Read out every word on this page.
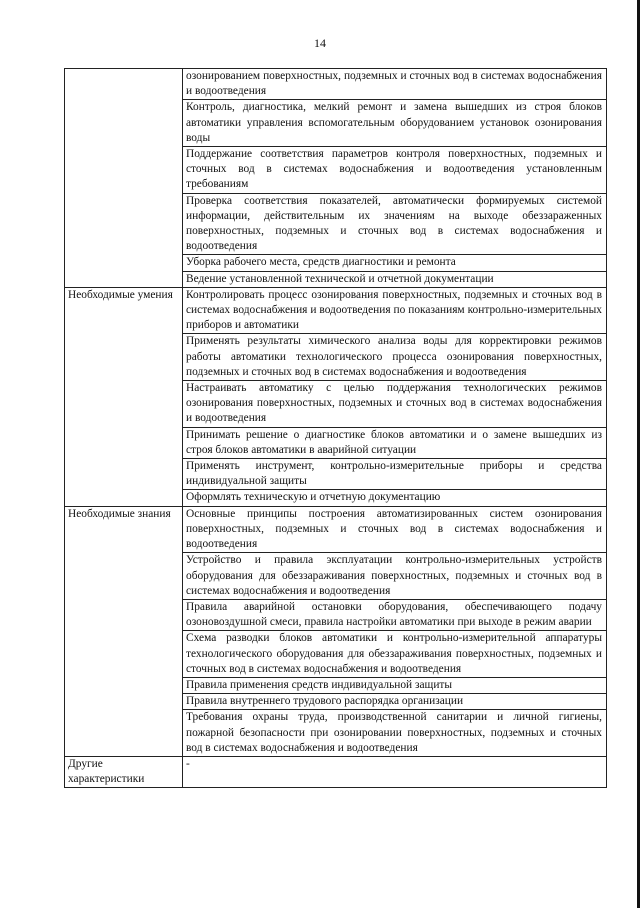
14

	озонированием поверхностных, подземных и сточных вод в системах водоснабжения и водоотведения

	Контроль, диагностика, мелкий ремонт и замена вышедших из строя блоков автоматики управления вспомогательным оборудованием установок озонирования воды

	Поддержание соответствия параметров контроля поверхностных, подземных и сточных вод в системах водоснабжения и водоотведения установленным требованиям

	Проверка соответствия показателей, автоматически формируемых системой информации, действительным их значениям на выходе обеззараженных поверхностных, подземных и сточных вод в системах водоснабжения и водоотведения

	Уборка рабочего места, средств диагностики и ремонта

	Ведение установленной технической и отчетной документации

Необходимые умения	Контролировать процесс озонирования поверхностных, подземных и сточных вод в системах водоснабжения и водоотведения по показаниям контрольно-измерительных приборов и автоматики

	Применять результаты химического анализа воды для корректировки режимов работы автоматики технологического процесса озонирования поверхностных, подземных и сточных вод в системах водоснабжения и водоотведения

	Настраивать автоматику с целью поддержания технологических режимов озонирования поверхностных, подземных и сточных вод в системах водоснабжения и водоотведения

	Принимать решение о диагностике блоков автоматики и о замене вышедших из строя блоков автоматики в аварийной ситуации

	Применять инструмент, контрольно-измерительные приборы и средства индивидуальной защиты

	Оформлять техническую и отчетную документацию

Необходимые знания	Основные принципы построения автоматизированных систем озонирования поверхностных, подземных и сточных вод в системах водоснабжения и водоотведения

	Устройство и правила эксплуатации контрольно-измерительных устройств оборудования для обеззараживания поверхностных, подземных и сточных вод в системах водоснабжения и водоотведения

	Правила аварийной остановки оборудования, обеспечивающего подачу озоновоздушной смеси, правила настройки автоматики при выходе в режим аварии

	Схема разводки блоков автоматики и контрольно-измерительной аппаратуры технологического оборудования для обеззараживания поверхностных, подземных и сточных вод в системах водоснабжения и водоотведения

	Правила применения средств индивидуальной защиты

	Правила внутреннего трудового распорядка организации

	Требования охраны труда, производственной санитарии и личной гигиены, пожарной безопасности при озонировании поверхностных, подземных и сточных вод в системах водоснабжения и водоотведения

Другие характеристики	-
